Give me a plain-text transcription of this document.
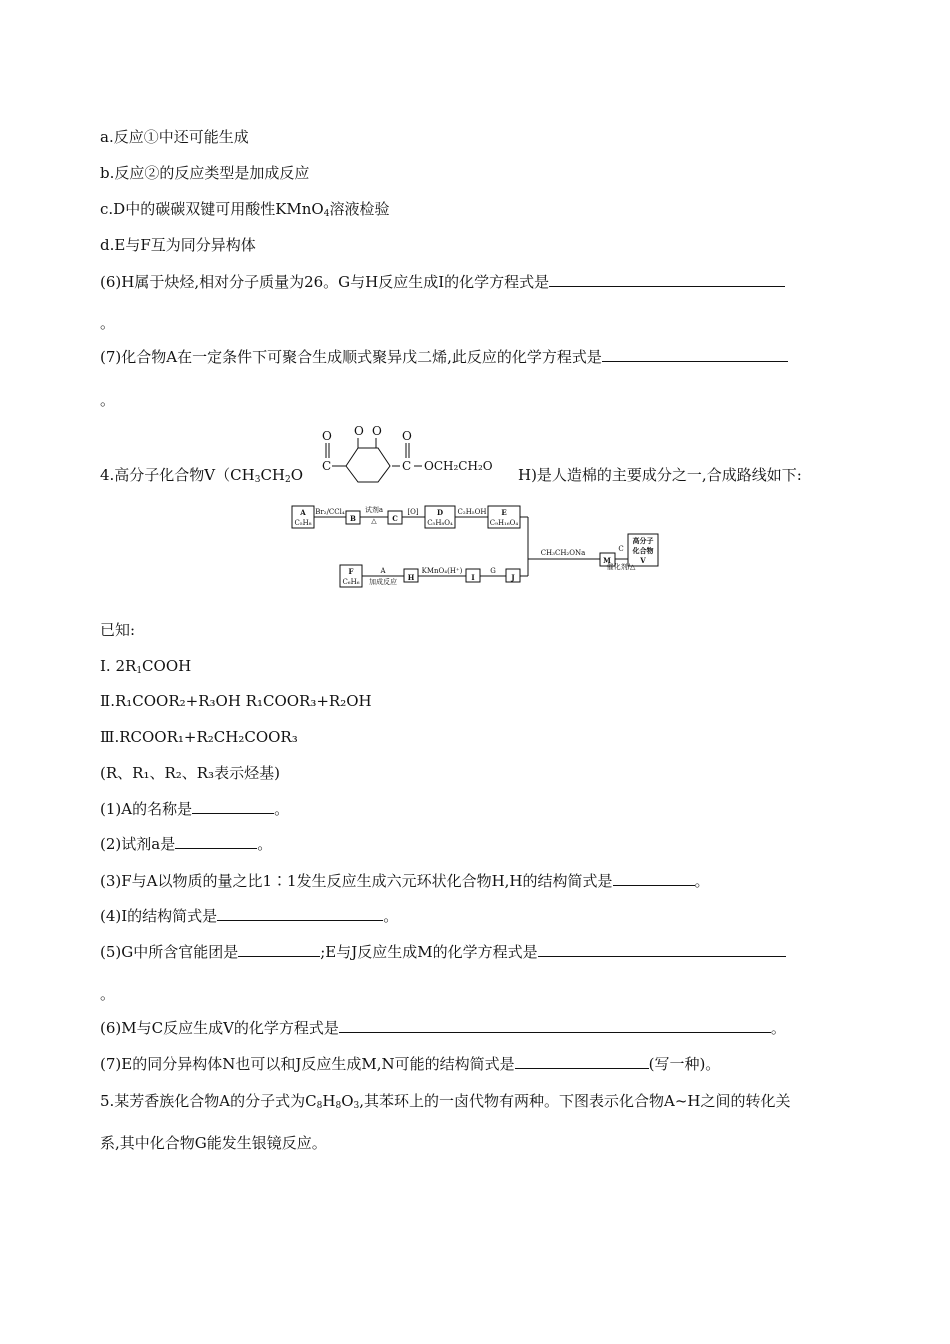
a.反应①中还可能生成
b.反应②的反应类型是加成反应
c.D中的碳碳双键可用酸性KMnO$_4$溶液检验
d.E与F互为同分异构体
(6)H属于炔烃,相对分子质量为26。G与H反应生成I的化学方程式是
。
(7)化合物A在一定条件下可聚合生成顺式聚异戊二烯,此反应的化学方程式是
。
4.高分子化合物$V(CH_3CH_2O$	H)是人造棉的主要成分之一,合成路线如下:
O O O O
C	C OCH₂CH₂O
A
C₅H₈	B	C
D
C₅H₈O₄
E
C₉H₁₆O₄
M
高分子
化合物
V
F
C₆H₆	H	I	J
Br₂/CCl₄	试剂a
△
[O]	C₂H₅OH
CH₃CH₂ONa	C
催化剂/△
A
加成反应
KMnO₄(H⁺)	G
已知:
Ⅰ. $2R_1COOH$
Ⅱ.R₁COOR₂+R₃OH R₁COOR₃+R₂OH
Ⅲ.RCOOR₁+R₂CH₂COOR₃
(R、R₁、R₂、R₃表示烃基)
(1)A的名称是	。
(2)试剂a是	。
(3)F与A以物质的量之比1∶1发生反应生成六元环状化合物H,H的结构简式是	。
(4)I的结构简式是	。
(5)G中所含官能团是	;E与J反应生成M的化学方程式是
。
(6)M与C反应生成V的化学方程式是	。
(7)E的同分异构体N也可以和J反应生成M,N可能的结构简式是	(写一种)。
5.某芳香族化合物A的分子式为$C_8H_8O_3$,其苯环上的一卤代物有两种。下图表示化合物A~H之间的转化关
系,其中化合物G能发生银镜反应。
